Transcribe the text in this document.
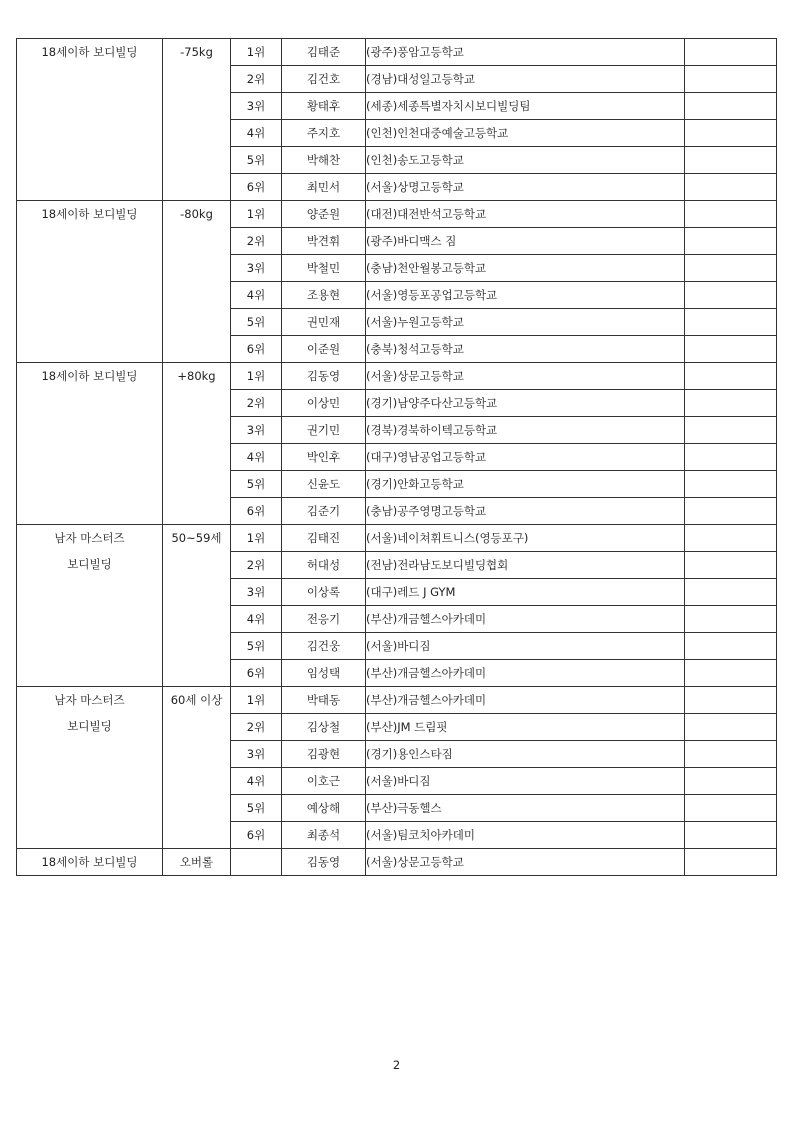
18세이하 보디빌딩	-75kg	1위	김태준	(광주)풍암고등학교	
		2위	김건호	(경남)대성일고등학교	
		3위	황태후	(세종)세종특별자치시보디빌딩팀	
		4위	주지호	(인천)인천대중예술고등학교	
		5위	박해찬	(인천)송도고등학교	
		6위	최민서	(서울)상명고등학교	

18세이하 보디빌딩	-80kg	1위	양준원	(대전)대전반석고등학교	
		2위	박견휘	(광주)바디맥스 짐	
		3위	박철민	(충남)천안월봉고등학교	
		4위	조용현	(서울)영등포공업고등학교	
		5위	권민재	(서울)누원고등학교	
		6위	이준원	(충북)청석고등학교	

18세이하 보디빌딩	+80kg	1위	김동영	(서울)상문고등학교	
		2위	이상민	(경기)남양주다산고등학교	
		3위	권기민	(경북)경북하이텍고등학교	
		4위	박인후	(대구)영남공업고등학교	
		5위	신윤도	(경기)안화고등학교	
		6위	김준기	(충남)공주영명고등학교	

남자 마스터즈
보디빌딩	50~59세	1위	김태진	(서울)네이쳐휘트니스(영등포구)	
		2위	허대성	(전남)전라남도보디빌딩협회	
		3위	이상록	(대구)레드 J GYM	
		4위	전응기	(부산)개금헬스아카데미	
		5위	김건웅	(서울)바디짐	
		6위	임성택	(부산)개금헬스아카데미	

남자 마스터즈
보디빌딩	60세 이상	1위	박태동	(부산)개금헬스아카데미	
		2위	김상철	(부산)JM 드림핏	
		3위	김광현	(경기)용인스타짐	
		4위	이호근	(서울)바디짐	
		5위	예상해	(부산)극동헬스	
		6위	최종석	(서울)팀코치아카데미	

18세이하 보디빌딩	오버롤		김동영	(서울)상문고등학교	
2
